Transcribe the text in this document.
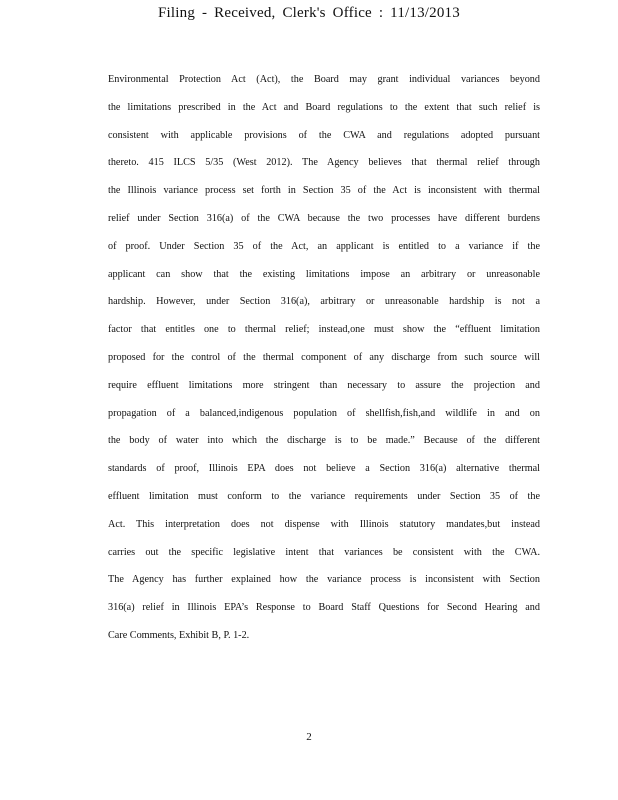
Filing - Received, Clerk's Office : 11/13/2013
Environmental Protection Act (Act), the Board may grant individual variances beyond
the limitations prescribed in the Act and Board regulations to the extent that such relief is
consistent with applicable provisions of the CWA and regulations adopted pursuant
thereto. 415 ILCS 5/35 (West 2012). The Agency believes that thermal relief through
the Illinois variance process set forth in Section 35 of the Act is inconsistent with thermal
relief under Section 316(a) of the CWA because the two processes have different burdens
of proof. Under Section 35 of the Act, an applicant is entitled to a variance if the
applicant can show that the existing limitations impose an arbitrary or unreasonable
hardship. However, under Section 316(a), arbitrary or unreasonable hardship is not a
factor that entitles one to thermal relief; instead,one must show the “effluent limitation
proposed for the control of the thermal component of any discharge from such source will
require effluent limitations more stringent than necessary to assure the projection and
propagation of a balanced,indigenous population of shellfish,fish,and wildlife in and on
the body of water into which the discharge is to be made.” Because of the different
standards of proof, Illinois EPA does not believe a Section 316(a) alternative thermal
effluent limitation must conform to the variance requirements under Section 35 of the
Act. This interpretation does not dispense with Illinois statutory mandates,but instead
carries out the specific legislative intent that variances be consistent with the CWA.
The Agency has further explained how the variance process is inconsistent with Section
316(a) relief in Illinois EPA’s Response to Board Staff Questions for Second Hearing and
Care Comments, Exhibit B, P. 1-2.
2
